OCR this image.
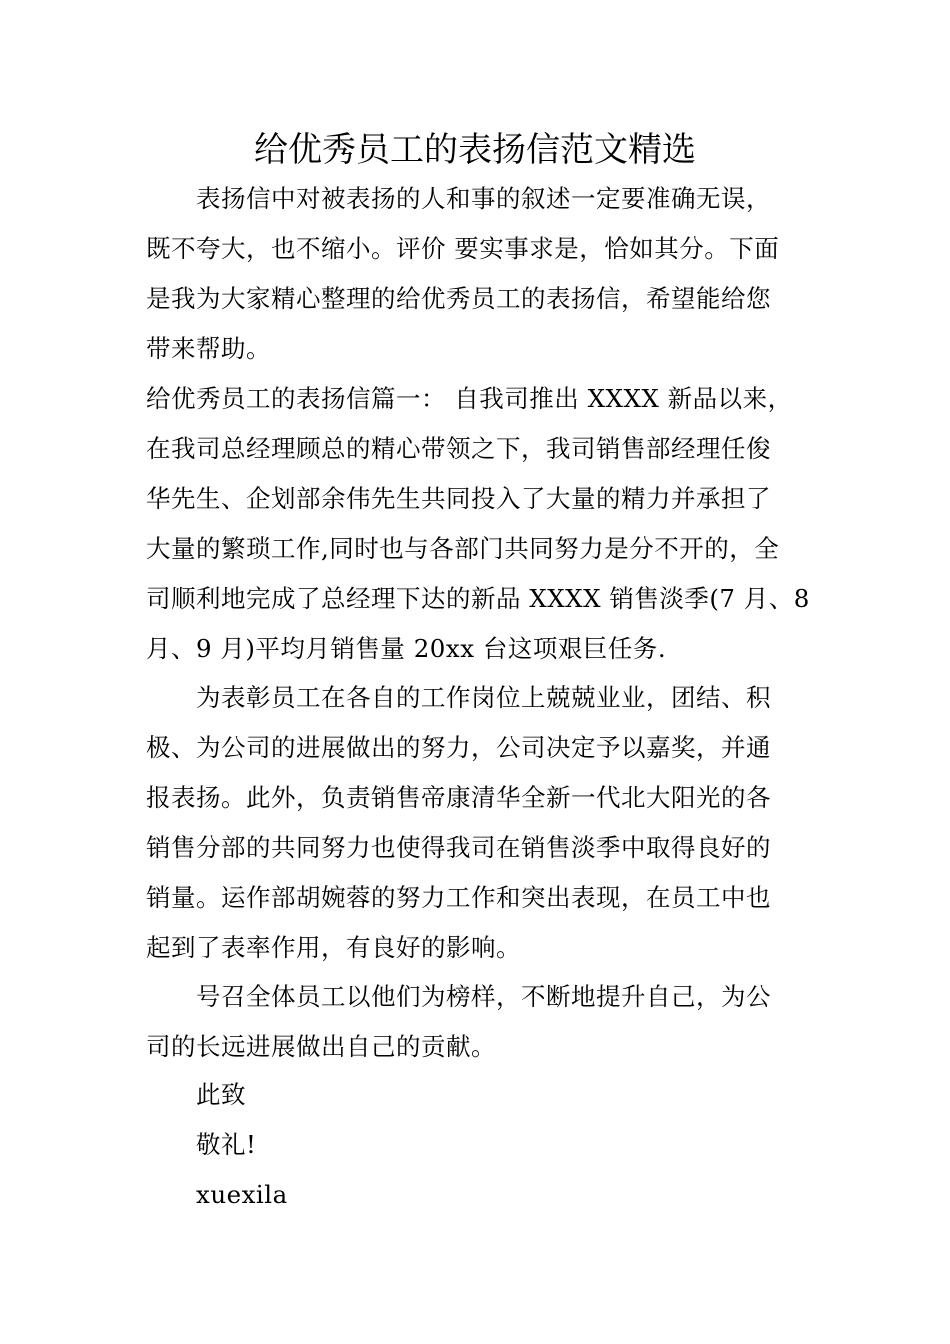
给优秀员工的表扬信范文精选
表扬信中对被表扬的人和事的叙述一定要准确无误，
既不夸大，也不缩小。评价 要实事求是，恰如其分。下面
是我为大家精心整理的给优秀员工的表扬信，希望能给您
带来帮助。
给优秀员工的表扬信篇一： 自我司推出 XXXX 新品以来，
在我司总经理顾总的精心带领之下，我司销售部经理任俊
华先生、企划部余伟先生共同投入了大量的精力并承担了
大量的繁琐工作,同时也与各部门共同努力是分不开的，全
司顺利地完成了总经理下达的新品 XXXX 销售淡季(7 月、8
月、9 月)平均月销售量 20xx 台这项艰巨任务.
为表彰员工在各自的工作岗位上兢兢业业，团结、积
极、为公司的进展做出的努力，公司决定予以嘉奖，并通
报表扬。此外，负责销售帝康清华全新一代北大阳光的各
销售分部的共同努力也使得我司在销售淡季中取得良好的
销量。运作部胡婉蓉的努力工作和突出表现，在员工中也
起到了表率作用，有良好的影响。
号召全体员工以他们为榜样，不断地提升自己，为公
司的长远进展做出自己的贡献。
此致
敬礼!
xuexila
